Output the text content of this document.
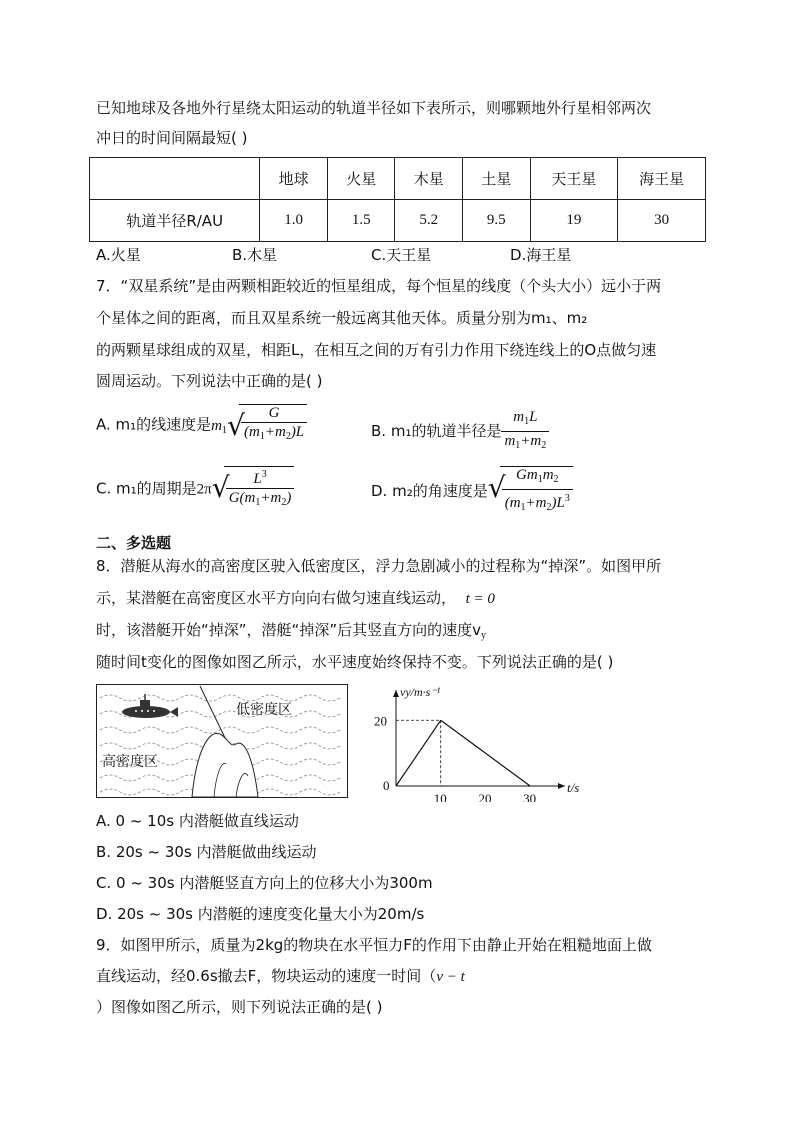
已知地球及各地外行星绕太阳运动的轨道半径如下表所示，则哪颗地外行星相邻两次
冲日的时间间隔最短( )
	地球	火星	木星	土星	天王星	海王星
轨道半径R/AU	1.0	1.5	5.2	9.5	19	30
A.火星	B.木星	C.天王星	D.海王星
7．“双星系统”是由两颗相距较近的恒星组成，每个恒星的线度（个头大小）远小于两
个星体之间的距离，而且双星系统一般远离其他天体。质量分别为m₁、m₂
的两颗星球组成的双星，相距L，在相互之间的万有引力作用下绕连线上的O点做匀速
圆周运动。下列说法中正确的是( )
A. m₁的线速度是$m_1$ √
$\frac{G}{(m_1+m_2)L}$	B. m₁的轨道半径是 $\frac{m_1L}{m_1+m_2}$
C. m₁的周期是2π √
$\frac{L^3}{G(m_1+m_2)}$	D. m₂的角速度是 √
$\frac{Gm_1m_2}{(m_1+m_2)L^3}$
二、多选题
8．潜艇从海水的高密度区驶入低密度区，浮力急剧减小的过程称为“掉深”。如图甲所
示，某潜艇在高密度区水平方向向右做匀速直线运动， t = 0
时，该潜艇开始“掉深”，潜艇“掉深”后其竖直方向的速度$v_y$
随时间t变化的图像如图乙所示，水平速度始终保持不变。下列说法正确的是( )
低密度区
高密度区
vy/m·s⁻¹
t/s
0
10 20 30
20
A. 0 ~ 10s 内潜艇做直线运动
B. 20s ~ 30s 内潜艇做曲线运动
C. 0 ~ 30s 内潜艇竖直方向上的位移大小为300m
D. 20s ~ 30s 内潜艇的速度变化量大小为20m/s
9．如图甲所示，质量为2kg的物块在水平恒力F的作用下由静止开始在粗糙地面上做
直线运动，经0.6s撤去F，物块运动的速度一时间（v − t
）图像如图乙所示，则下列说法正确的是( )
